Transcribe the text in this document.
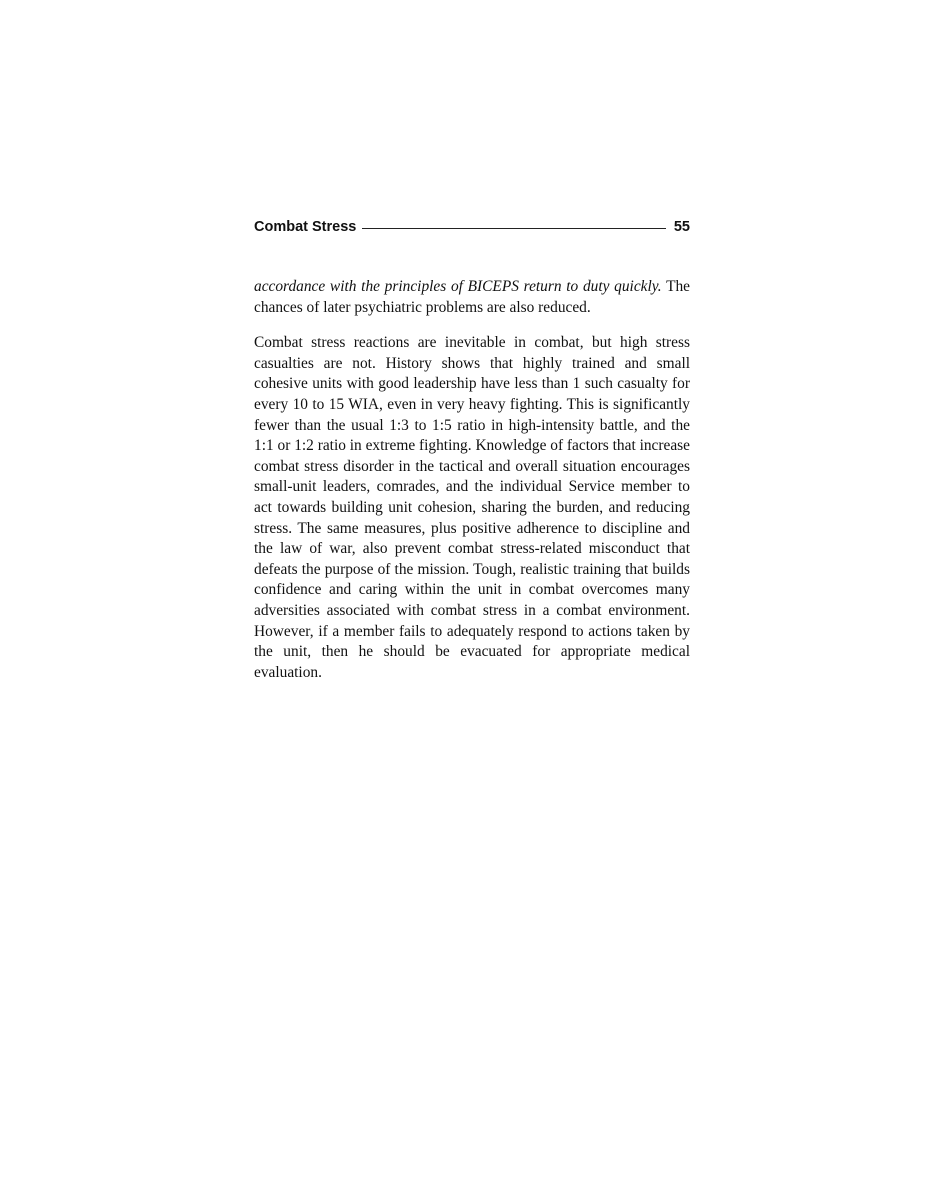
Combat Stress	55

accordance with the principles of BICEPS return to duty quickly. The chances of later psychiatric problems are also reduced.

Combat stress reactions are inevitable in combat, but high stress casualties are not. History shows that highly trained and small cohesive units with good leadership have less than 1 such casualty for every 10 to 15 WIA, even in very heavy fighting. This is significantly fewer than the usual 1:3 to 1:5 ratio in high-intensity battle, and the 1:1 or 1:2 ratio in extreme fighting. Knowledge of factors that increase combat stress disorder in the tactical and overall situation encourages small-unit leaders, comrades, and the individual Service member to act towards building unit cohesion, sharing the burden, and reducing stress. The same measures, plus positive adherence to discipline and the law of war, also prevent combat stress-related misconduct that defeats the purpose of the mission. Tough, realistic training that builds confidence and caring within the unit in combat overcomes many adversities associated with combat stress in a combat environment. However, if a member fails to adequately respond to actions taken by the unit, then he should be evacuated for appropriate medical evaluation.
